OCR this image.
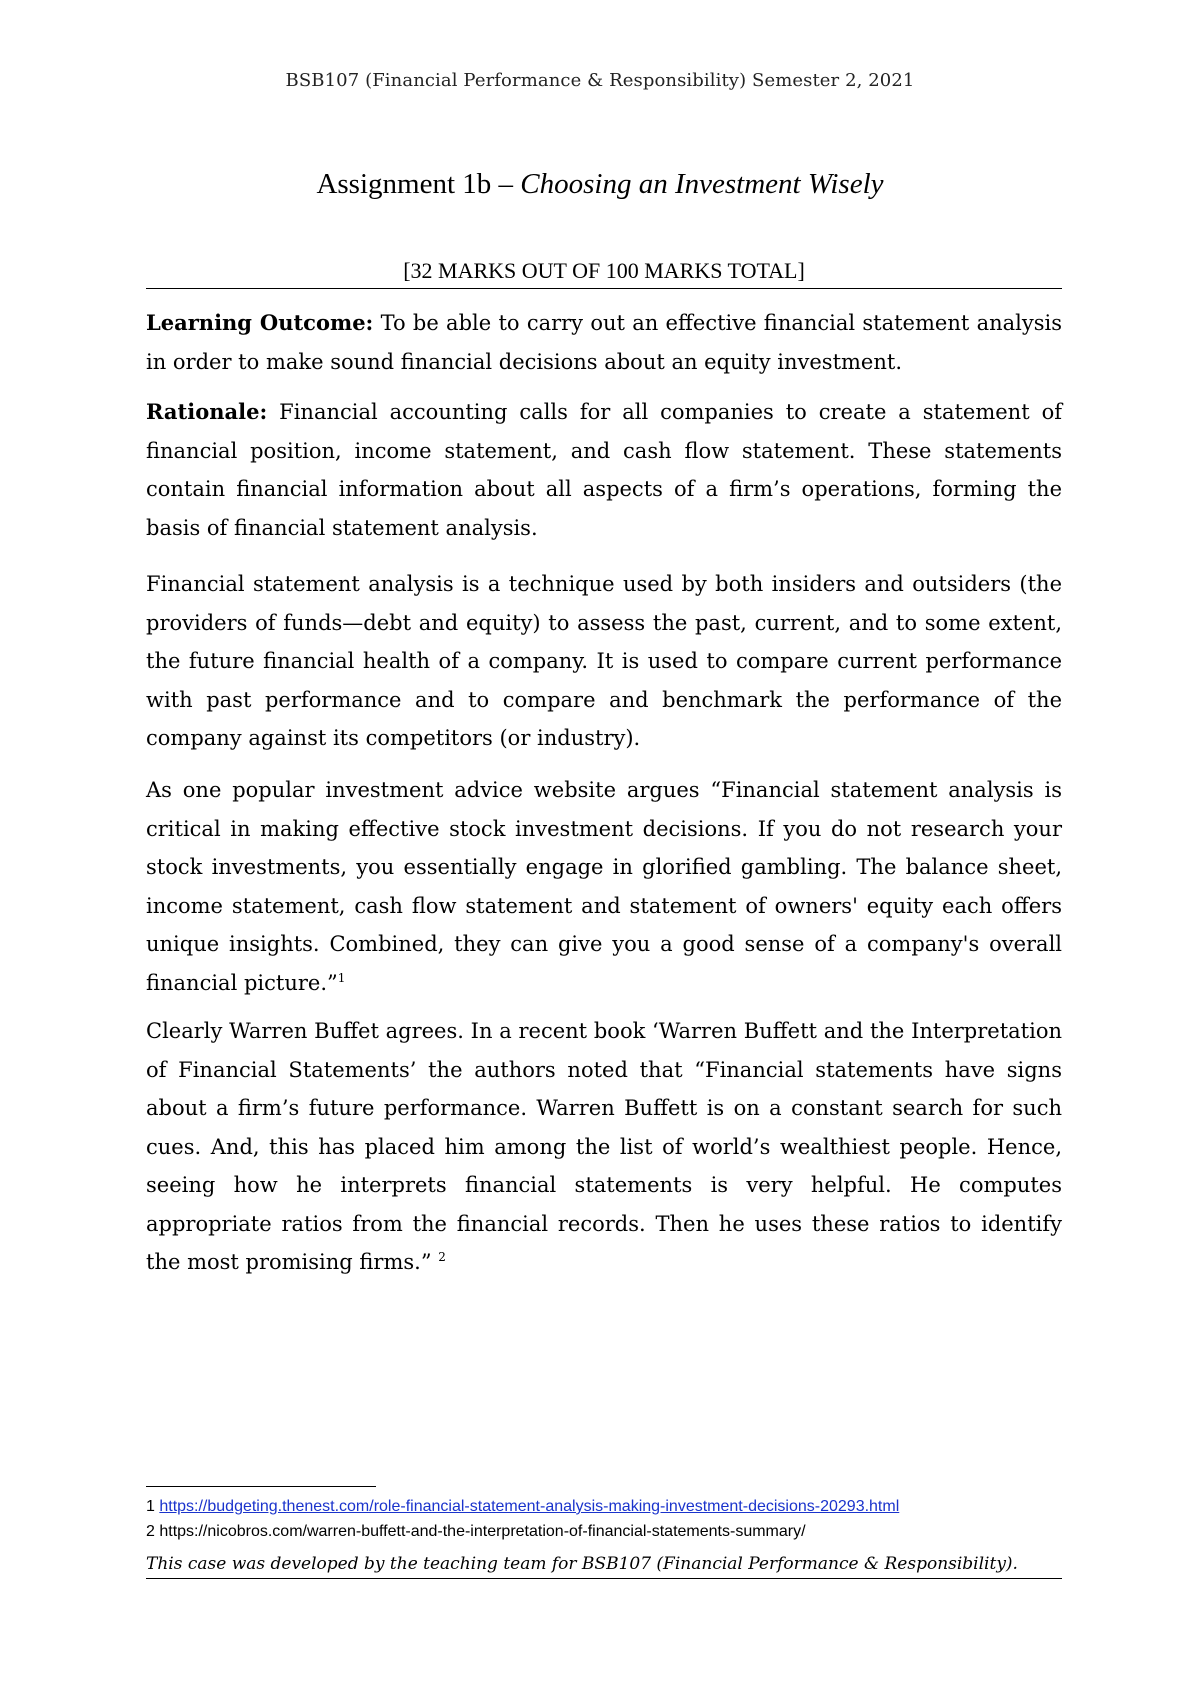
BSB107 (Financial Performance & Responsibility) Semester 2, 2021
Assignment 1b – Choosing an Investment Wisely
[32 MARKS OUT OF 100 MARKS TOTAL]
Learning Outcome: To be able to carry out an effective financial statement analysis in order to make sound financial decisions about an equity investment.
Rationale: Financial accounting calls for all companies to create a statement of financial position, income statement, and cash flow statement. These statements contain financial information about all aspects of a firm’s operations, forming the basis of financial statement analysis.
Financial statement analysis is a technique used by both insiders and outsiders (the providers of funds—debt and equity) to assess the past, current, and to some extent, the future financial health of a company. It is used to compare current performance with past performance and to compare and benchmark the performance of the company against its competitors (or industry).
As one popular investment advice website argues “Financial statement analysis is critical in making effective stock investment decisions. If you do not research your stock investments, you essentially engage in glorified gambling. The balance sheet, income statement, cash flow statement and statement of owners' equity each offers unique insights. Combined, they can give you a good sense of a company's overall financial picture.”$^1$
Clearly Warren Buffet agrees. In a recent book ‘Warren Buffett and the Interpretation of Financial Statements’ the authors noted that “Financial statements have signs about a firm’s future performance. Warren Buffett is on a constant search for such cues. And, this has placed him among the list of world’s wealthiest people. Hence, seeing how he interprets financial statements is very helpful. He computes appropriate ratios from the financial records. Then he uses these ratios to identify the most promising firms.” $^2$
1 https://budgeting.thenest.com/role-financial-statement-analysis-making-investment-decisions-20293.html
2 https://nicobros.com/warren-buffett-and-the-interpretation-of-financial-statements-summary/
This case was developed by the teaching team for BSB107 (Financial Performance & Responsibility).
